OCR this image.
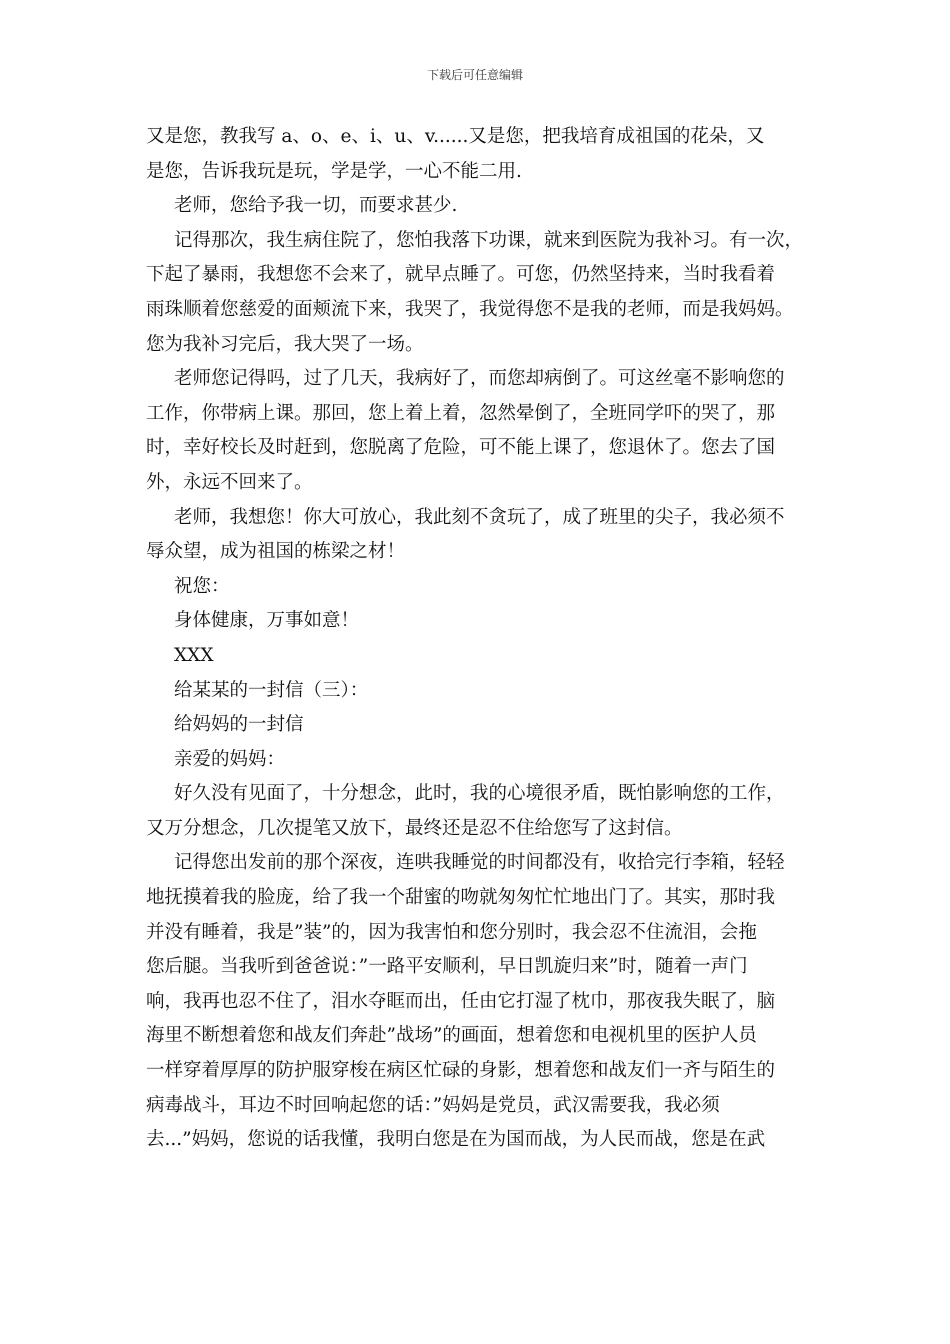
下载后可任意编辑
又是您，教我写 a、o、e、i、u、v......又是您，把我培育成祖国的花朵，又
是您，告诉我玩是玩，学是学，一心不能二用.
老师，您给予我一切，而要求甚少.
记得那次，我生病住院了，您怕我落下功课，就来到医院为我补习。有一次，
下起了暴雨，我想您不会来了，就早点睡了。可您，仍然坚持来，当时我看着
雨珠顺着您慈爱的面颊流下来，我哭了，我觉得您不是我的老师，而是我妈妈。
您为我补习完后，我大哭了一场。
老师您记得吗，过了几天，我病好了，而您却病倒了。可这丝毫不影响您的
工作，你带病上课。那回，您上着上着，忽然晕倒了，全班同学吓的哭了，那
时，幸好校长及时赶到，您脱离了危险，可不能上课了，您退休了。您去了国
外，永远不回来了。
老师，我想您！你大可放心，我此刻不贪玩了，成了班里的尖子，我必须不
辱众望，成为祖国的栋梁之材！
祝您：
身体健康，万事如意！
XXX
给某某的一封信（三）：
给妈妈的一封信
亲爱的妈妈：
好久没有见面了，十分想念，此时，我的心境很矛盾，既怕影响您的工作，
又万分想念，几次提笔又放下，最终还是忍不住给您写了这封信。
记得您出发前的那个深夜，连哄我睡觉的时间都没有，收拾完行李箱，轻轻
地抚摸着我的脸庞，给了我一个甜蜜的吻就匆匆忙忙地出门了。其实，那时我
并没有睡着，我是”装”的，因为我害怕和您分别时，我会忍不住流泪，会拖
您后腿。当我听到爸爸说：”一路平安顺利，早日凯旋归来”时，随着一声门
响，我再也忍不住了，泪水夺眶而出，任由它打湿了枕巾，那夜我失眠了，脑
海里不断想着您和战友们奔赴”战场”的画面，想着您和电视机里的医护人员
一样穿着厚厚的防护服穿梭在病区忙碌的身影，想着您和战友们一齐与陌生的
病毒战斗，耳边不时回响起您的话：”妈妈是党员，武汉需要我，我必须
去...”妈妈，您说的话我懂，我明白您是在为国而战，为人民而战，您是在武
